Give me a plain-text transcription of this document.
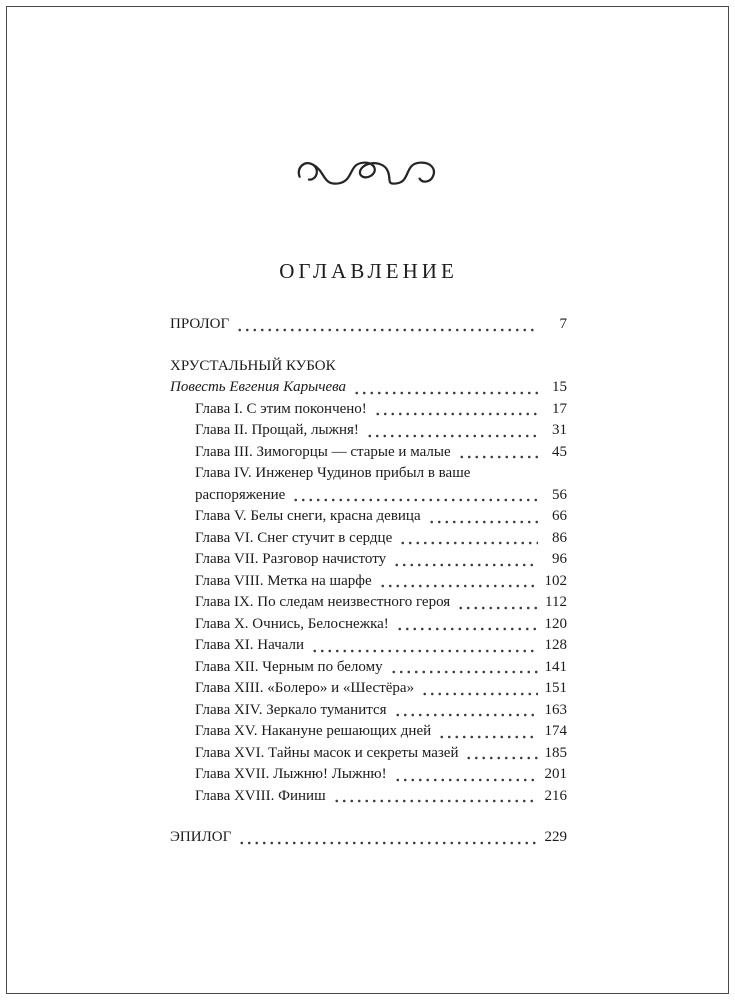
ОГЛАВЛЕНИЕ
ПРОЛОГ	7
ХРУСТАЛЬНЫЙ КУБОК
Повесть Евгения Карычева	15
Глава I. С этим покончено!	17
Глава II. Прощай, лыжня!	31
Глава III. Зимогорцы — старые и малые	45
Глава IV. Инженер Чудинов прибыл в ваше
распоряжение	56
Глава V. Белы снеги, красна девица	66
Глава VI. Снег стучит в сердце	86
Глава VII. Разговор начистоту	96
Глава VIII. Метка на шарфе	102
Глава IX. По следам неизвестного героя	112
Глава X. Очнись, Белоснежка!	120
Глава XI. Начали	128
Глава XII. Черным по белому	141
Глава XIII. «Болеро» и «Шестёра»	151
Глава XIV. Зеркало туманится	163
Глава XV. Накануне решающих дней	174
Глава XVI. Тайны масок и секреты мазей	185
Глава XVII. Лыжню! Лыжню!	201
Глава XVIII. Финиш	216
ЭПИЛОГ	229
